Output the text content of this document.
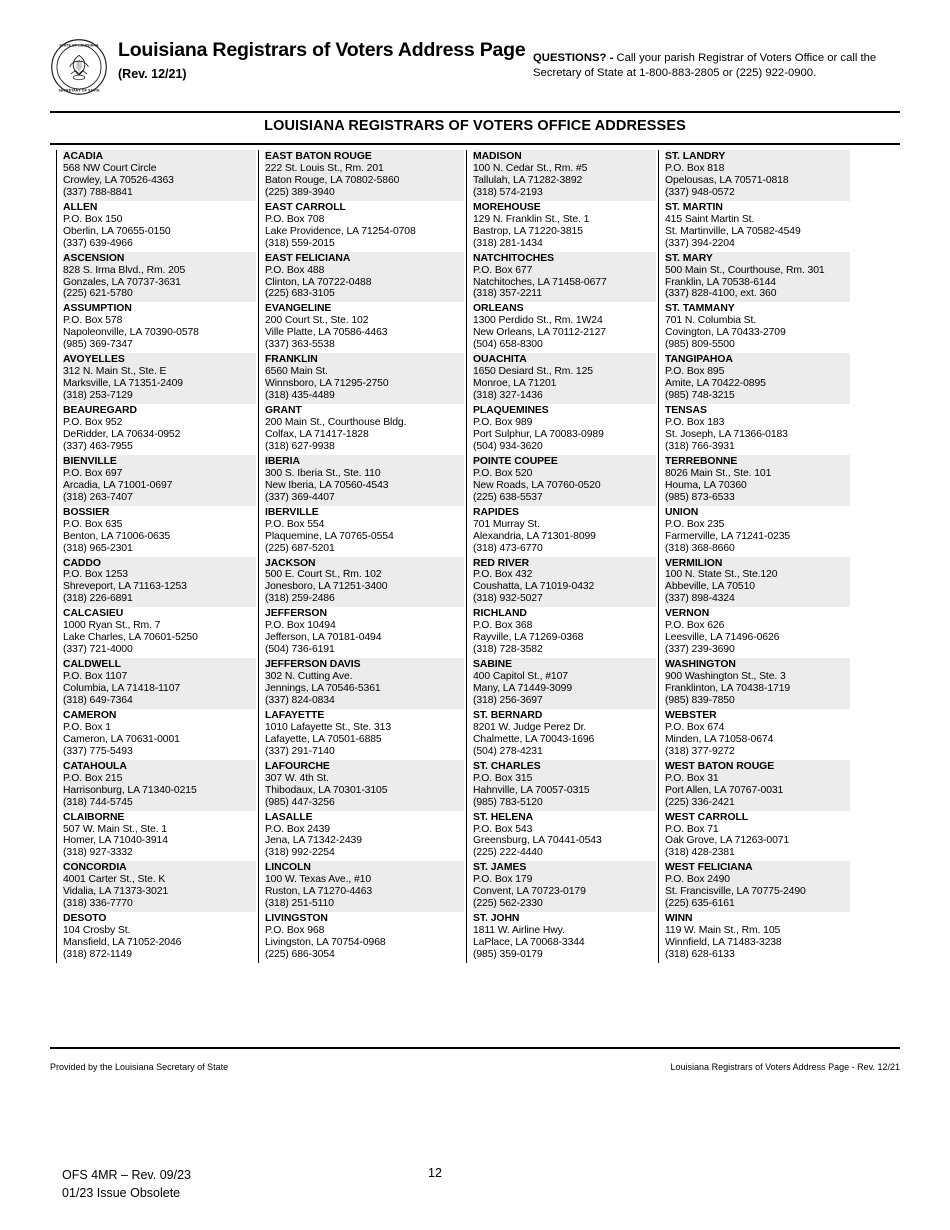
STATE OF LOUISIANA
SECRETARY OF STATE
Louisiana Registrars of Voters Address Page
(Rev. 12/21)
QUESTIONS? - Call your parish Registrar of Voters Office or call the Secretary of State at 1-800-883-2805 or (225) 922-0900.
LOUISIANA REGISTRARS OF VOTERS OFFICE ADDRESSES
ACADIA
568 NW Court Circle
Crowley, LA 70526-4363
(337) 788-8841
ALLEN
P.O. Box 150
Oberlin, LA 70655-0150
(337) 639-4966
ASCENSION
828 S. Irma Blvd., Rm. 205
Gonzales, LA 70737-3631
(225) 621-5780
ASSUMPTION
P.O. Box 578
Napoleonville, LA 70390-0578
(985) 369-7347
AVOYELLES
312 N. Main St., Ste. E
Marksville, LA 71351-2409
(318) 253-7129
BEAUREGARD
P.O. Box 952
DeRidder, LA 70634-0952
(337) 463-7955
BIENVILLE
P.O. Box 697
Arcadia, LA 71001-0697
(318) 263-7407
BOSSIER
P.O. Box 635
Benton, LA 71006-0635
(318) 965-2301
CADDO
P.O. Box 1253
Shreveport, LA 71163-1253
(318) 226-6891
CALCASIEU
1000 Ryan St., Rm. 7
Lake Charles, LA 70601-5250
(337) 721-4000
CALDWELL
P.O. Box 1107
Columbia, LA 71418-1107
(318) 649-7364
CAMERON
P.O. Box 1
Cameron, LA 70631-0001
(337) 775-5493
CATAHOULA
P.O. Box 215
Harrisonburg, LA 71340-0215
(318) 744-5745
CLAIBORNE
507 W. Main St., Ste. 1
Homer, LA 71040-3914
(318) 927-3332
CONCORDIA
4001 Carter St., Ste. K
Vidalia, LA 71373-3021
(318) 336-7770
DESOTO
104 Crosby St.
Mansfield, LA 71052-2046
(318) 872-1149
EAST BATON ROUGE
222 St. Louis St., Rm. 201
Baton Rouge, LA 70802-5860
(225) 389-3940
EAST CARROLL
P.O. Box 708
Lake Providence, LA 71254-0708
(318) 559-2015
EAST FELICIANA
P.O. Box 488
Clinton, LA 70722-0488
(225) 683-3105
EVANGELINE
200 Court St., Ste. 102
Ville Platte, LA 70586-4463
(337) 363-5538
FRANKLIN
6560 Main St.
Winnsboro, LA 71295-2750
(318) 435-4489
GRANT
200 Main St., Courthouse Bldg.
Colfax, LA 71417-1828
(318) 627-9938
IBERIA
300 S. Iberia St., Ste. 110
New Iberia, LA 70560-4543
(337) 369-4407
IBERVILLE
P.O. Box 554
Plaquemine, LA 70765-0554
(225) 687-5201
JACKSON
500 E. Court St., Rm. 102
Jonesboro, LA 71251-3400
(318) 259-2486
JEFFERSON
P.O. Box 10494
Jefferson, LA 70181-0494
(504) 736-6191
JEFFERSON DAVIS
302 N. Cutting Ave.
Jennings, LA 70546-5361
(337) 824-0834
LAFAYETTE
1010 Lafayette St., Ste. 313
Lafayette, LA 70501-6885
(337) 291-7140
LAFOURCHE
307 W. 4th St.
Thibodaux, LA 70301-3105
(985) 447-3256
LASALLE
P.O. Box 2439
Jena, LA 71342-2439
(318) 992-2254
LINCOLN
100 W. Texas Ave., #10
Ruston, LA 71270-4463
(318) 251-5110
LIVINGSTON
P.O. Box 968
Livingston, LA 70754-0968
(225) 686-3054
MADISON
100 N. Cedar St., Rm. #5
Tallulah, LA 71282-3892
(318) 574-2193
MOREHOUSE
129 N. Franklin St., Ste. 1
Bastrop, LA 71220-3815
(318) 281-1434
NATCHITOCHES
P.O. Box 677
Natchitoches, LA 71458-0677
(318) 357-2211
ORLEANS
1300 Perdido St., Rm. 1W24
New Orleans, LA 70112-2127
(504) 658-8300
OUACHITA
1650 Desiard St., Rm. 125
Monroe, LA 71201
(318) 327-1436
PLAQUEMINES
P.O. Box 989
Port Sulphur, LA 70083-0989
(504) 934-3620
POINTE COUPEE
P.O. Box 520
New Roads, LA 70760-0520
(225) 638-5537
RAPIDES
701 Murray St.
Alexandria, LA 71301-8099
(318) 473-6770
RED RIVER
P.O. Box 432
Coushatta, LA 71019-0432
(318) 932-5027
RICHLAND
P.O. Box 368
Rayville, LA 71269-0368
(318) 728-3582
SABINE
400 Capitol St., #107
Many, LA 71449-3099
(318) 256-3697
ST. BERNARD
8201 W. Judge Perez Dr.
Chalmette, LA 70043-1696
(504) 278-4231
ST. CHARLES
P.O. Box 315
Hahnville, LA 70057-0315
(985) 783-5120
ST. HELENA
P.O. Box 543
Greensburg, LA 70441-0543
(225) 222-4440
ST. JAMES
P.O. Box 179
Convent, LA 70723-0179
(225) 562-2330
ST. JOHN
1811 W. Airline Hwy.
LaPlace, LA 70068-3344
(985) 359-0179
ST. LANDRY
P.O. Box 818
Opelousas, LA 70571-0818
(337) 948-0572
ST. MARTIN
415 Saint Martin St.
St. Martinville, LA 70582-4549
(337) 394-2204
ST. MARY
500 Main St., Courthouse, Rm. 301
Franklin, LA 70538-6144
(337) 828-4100, ext. 360
ST. TAMMANY
701 N. Columbia St.
Covington, LA 70433-2709
(985) 809-5500
TANGIPAHOA
P.O. Box 895
Amite, LA 70422-0895
(985) 748-3215
TENSAS
P.O. Box 183
St. Joseph, LA 71366-0183
(318) 766-3931
TERREBONNE
8026 Main St., Ste. 101
Houma, LA 70360
(985) 873-6533
UNION
P.O. Box 235
Farmerville, LA 71241-0235
(318) 368-8660
VERMILION
100 N. State St., Ste.120
Abbeville, LA 70510
(337) 898-4324
VERNON
P.O. Box 626
Leesville, LA 71496-0626
(337) 239-3690
WASHINGTON
900 Washington St., Ste. 3
Franklinton, LA 70438-1719
(985) 839-7850
WEBSTER
P.O. Box 674
Minden, LA 71058-0674
(318) 377-9272
WEST BATON ROUGE
P.O. Box 31
Port Allen, LA 70767-0031
(225) 336-2421
WEST CARROLL
P.O. Box 71
Oak Grove, LA 71263-0071
(318) 428-2381
WEST FELICIANA
P.O. Box 2490
St. Francisville, LA 70775-2490
(225) 635-6161
WINN
119 W. Main St., Rm. 105
Winnfield, LA 71483-3238
(318) 628-6133
Provided by the Louisiana Secretary of State	Louisiana Registrars of Voters Address Page - Rev. 12/21
OFS 4MR – Rev. 09/23
01/23 Issue Obsolete
12
